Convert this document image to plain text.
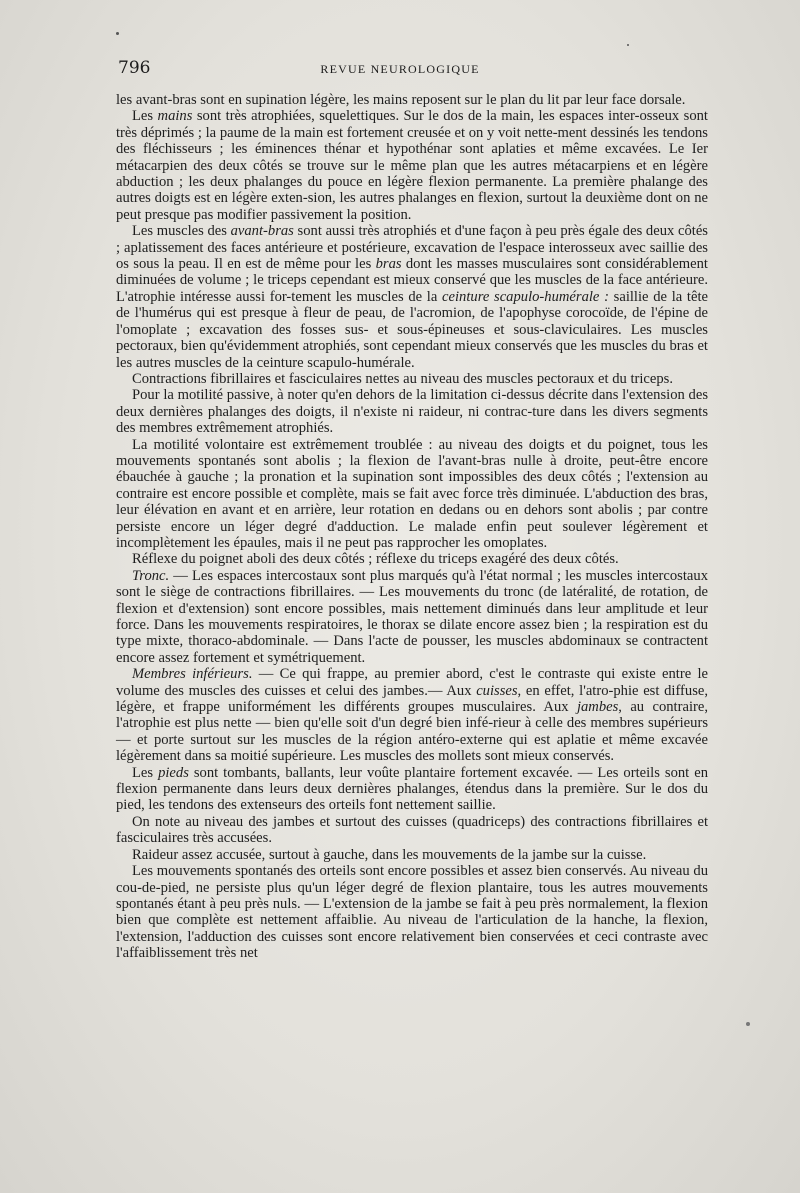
796	REVUE NEUROLOGIQUE

les avant-bras sont en supination légère, les mains reposent sur le plan du lit par leur face dorsale.

Les mains sont très atrophiées, squelettiques. Sur le dos de la main, les espaces inter-osseux sont très déprimés ; la paume de la main est fortement creusée et on y voit nette-ment dessinés les tendons des fléchisseurs ; les éminences thénar et hypothénar sont aplaties et même excavées. Le Ier métacarpien des deux côtés se trouve sur le même plan que les autres métacarpiens et en légère abduction ; les deux phalanges du pouce en légère flexion permanente. La première phalange des autres doigts est en légère exten-sion, les autres phalanges en flexion, surtout la deuxième dont on ne peut presque pas modifier passivement la position.

Les muscles des avant-bras sont aussi très atrophiés et d'une façon à peu près égale des deux côtés ; aplatissement des faces antérieure et postérieure, excavation de l'espace interosseux avec saillie des os sous la peau. Il en est de même pour les bras dont les masses musculaires sont considérablement diminuées de volume ; le triceps cependant est mieux conservé que les muscles de la face antérieure. L'atrophie intéresse aussi for-tement les muscles de la ceinture scapulo-humérale : saillie de la tête de l'humérus qui est presque à fleur de peau, de l'acromion, de l'apophyse corocoïde, de l'épine de l'omoplate ; excavation des fosses sus- et sous-épineuses et sous-claviculaires. Les muscles pectoraux, bien qu'évidemment atrophiés, sont cependant mieux conservés que les muscles du bras et les autres muscles de la ceinture scapulo-humérale.

Contractions fibrillaires et fasciculaires nettes au niveau des muscles pectoraux et du triceps.

Pour la motilité passive, à noter qu'en dehors de la limitation ci-dessus décrite dans l'extension des deux dernières phalanges des doigts, il n'existe ni raideur, ni contrac-ture dans les divers segments des membres extrêmement atrophiés.

La motilité volontaire est extrêmement troublée : au niveau des doigts et du poignet, tous les mouvements spontanés sont abolis ; la flexion de l'avant-bras nulle à droite, peut-être encore ébauchée à gauche ; la pronation et la supination sont impossibles des deux côtés ; l'extension au contraire est encore possible et complète, mais se fait avec force très diminuée. L'abduction des bras, leur élévation en avant et en arrière, leur rotation en dedans ou en dehors sont abolis ; par contre persiste encore un léger degré d'adduction. Le malade enfin peut soulever légèrement et incomplètement les épaules, mais il ne peut pas rapprocher les omoplates.

Réflexe du poignet aboli des deux côtés ; réflexe du triceps exagéré des deux côtés.

Tronc. — Les espaces intercostaux sont plus marqués qu'à l'état normal ; les muscles intercostaux sont le siège de contractions fibrillaires. — Les mouvements du tronc (de latéralité, de rotation, de flexion et d'extension) sont encore possibles, mais nettement diminués dans leur amplitude et leur force. Dans les mouvements respiratoires, le thorax se dilate encore assez bien ; la respiration est du type mixte, thoraco-abdominale. — Dans l'acte de pousser, les muscles abdominaux se contractent encore assez fortement et symétriquement.

Membres inférieurs. — Ce qui frappe, au premier abord, c'est le contraste qui existe entre le volume des muscles des cuisses et celui des jambes.— Aux cuisses, en effet, l'atro-phie est diffuse, légère, et frappe uniformément les différents groupes musculaires. Aux jambes, au contraire, l'atrophie est plus nette — bien qu'elle soit d'un degré bien infé-rieur à celle des membres supérieurs — et porte surtout sur les muscles de la région antéro-externe qui est aplatie et même excavée légèrement dans sa moitié supérieure. Les muscles des mollets sont mieux conservés.

Les pieds sont tombants, ballants, leur voûte plantaire fortement excavée. — Les orteils sont en flexion permanente dans leurs deux dernières phalanges, étendus dans la première. Sur le dos du pied, les tendons des extenseurs des orteils font nettement saillie.

On note au niveau des jambes et surtout des cuisses (quadriceps) des contractions fibrillaires et fasciculaires très accusées.

Raideur assez accusée, surtout à gauche, dans les mouvements de la jambe sur la cuisse.

Les mouvements spontanés des orteils sont encore possibles et assez bien conservés. Au niveau du cou-de-pied, ne persiste plus qu'un léger degré de flexion plantaire, tous les autres mouvements spontanés étant à peu près nuls. — L'extension de la jambe se fait à peu près normalement, la flexion bien que complète est nettement affaiblie. Au niveau de l'articulation de la hanche, la flexion, l'extension, l'adduction des cuisses sont encore relativement bien conservées et ceci contraste avec l'affaiblissement très net
